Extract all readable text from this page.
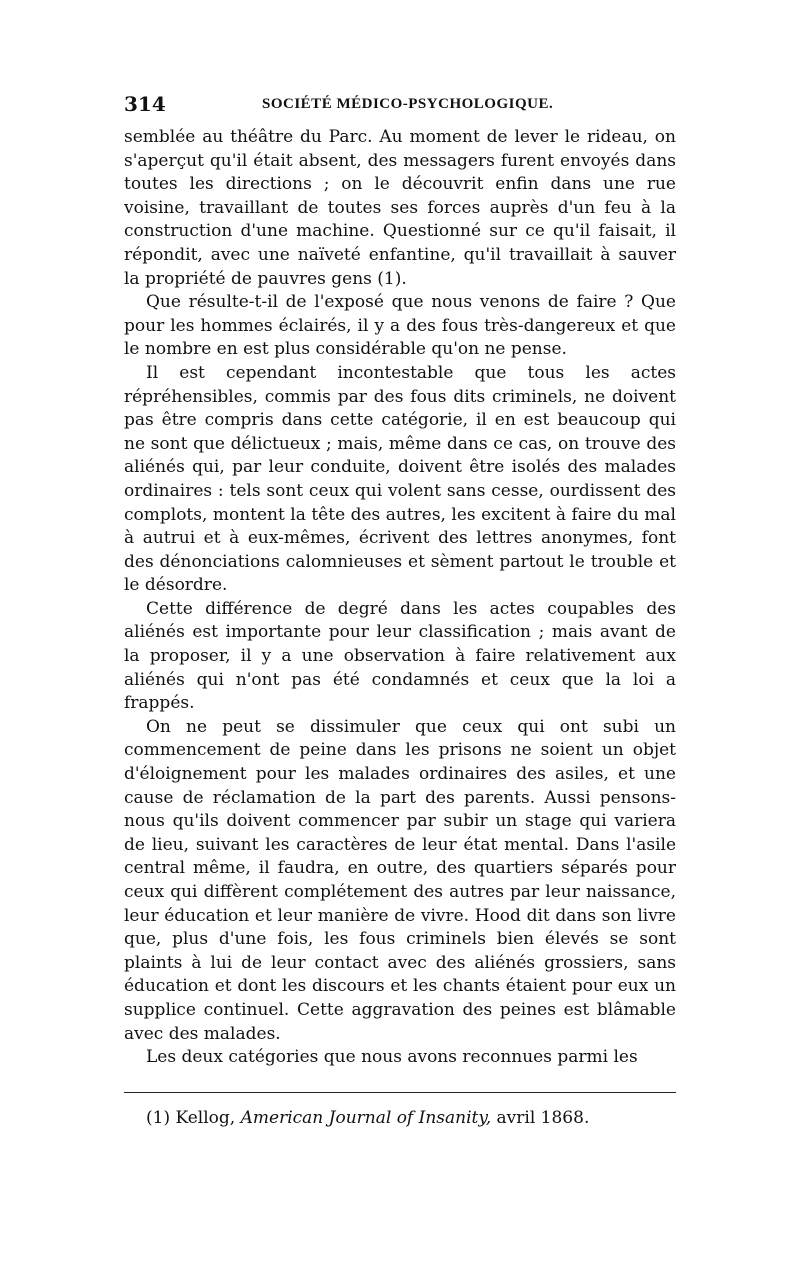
314	SOCIÉTÉ MÉDICO-PSYCHOLOGIQUE.

semblée au théâtre du Parc. Au moment de lever le rideau, on s'aperçut qu'il était absent, des messagers furent envoyés dans toutes les directions ; on le découvrit enfin dans une rue voisine, travaillant de toutes ses forces auprès d'un feu à la construction d'une machine. Questionné sur ce qu'il faisait, il répondit, avec une naïveté enfantine, qu'il travaillait à sauver la propriété de pauvres gens (1).

Que résulte-t-il de l'exposé que nous venons de faire ? Que pour les hommes éclairés, il y a des fous très-dangereux et que le nombre en est plus considérable qu'on ne pense.

Il est cependant incontestable que tous les actes répréhensibles, commis par des fous dits criminels, ne doivent pas être compris dans cette catégorie, il en est beaucoup qui ne sont que délictueux ; mais, même dans ce cas, on trouve des aliénés qui, par leur conduite, doivent être isolés des malades ordinaires : tels sont ceux qui volent sans cesse, ourdissent des complots, montent la tête des autres, les excitent à faire du mal à autrui et à eux-mêmes, écrivent des lettres anonymes, font des dénonciations calomnieuses et sèment partout le trouble et le désordre.

Cette différence de degré dans les actes coupables des aliénés est importante pour leur classification ; mais avant de la proposer, il y a une observation à faire relativement aux aliénés qui n'ont pas été condamnés et ceux que la loi a frappés.

On ne peut se dissimuler que ceux qui ont subi un commencement de peine dans les prisons ne soient un objet d'éloignement pour les malades ordinaires des asiles, et une cause de réclamation de la part des parents. Aussi pensons-nous qu'ils doivent commencer par subir un stage qui variera de lieu, suivant les caractères de leur état mental. Dans l'asile central même, il faudra, en outre, des quartiers séparés pour ceux qui diffèrent complétement des autres par leur naissance, leur éducation et leur manière de vivre. Hood dit dans son livre que, plus d'une fois, les fous criminels bien élevés se sont plaints à lui de leur contact avec des aliénés grossiers, sans éducation et dont les discours et les chants étaient pour eux un supplice continuel. Cette aggravation des peines est blâmable avec des malades.

Les deux catégories que nous avons reconnues parmi les

(1) Kellog, American Journal of Insanity, avril 1868.
